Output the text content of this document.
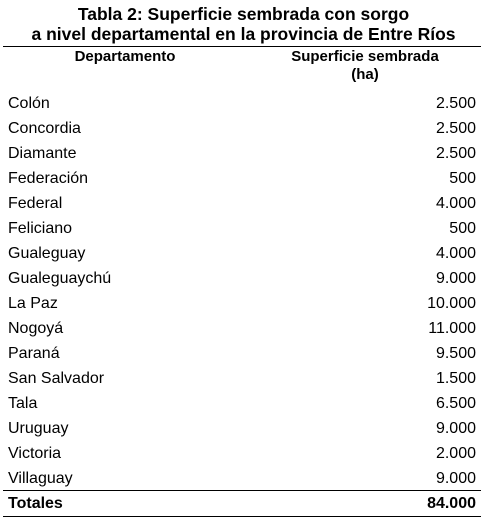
Tabla 2: Superficie sembrada con sorgo
a nivel departamental en la provincia de Entre Ríos
Departamento	Superficie sembrada
(ha)
Colón	2.500
Concordia	2.500
Diamante	2.500
Federación	500
Federal	4.000
Feliciano	500
Gualeguay	4.000
Gualeguaychú	9.000
La Paz	10.000
Nogoyá	11.000
Paraná	9.500
San Salvador	1.500
Tala	6.500
Uruguay	9.000
Victoria	2.000
Villaguay	9.000
Totales	84.000
